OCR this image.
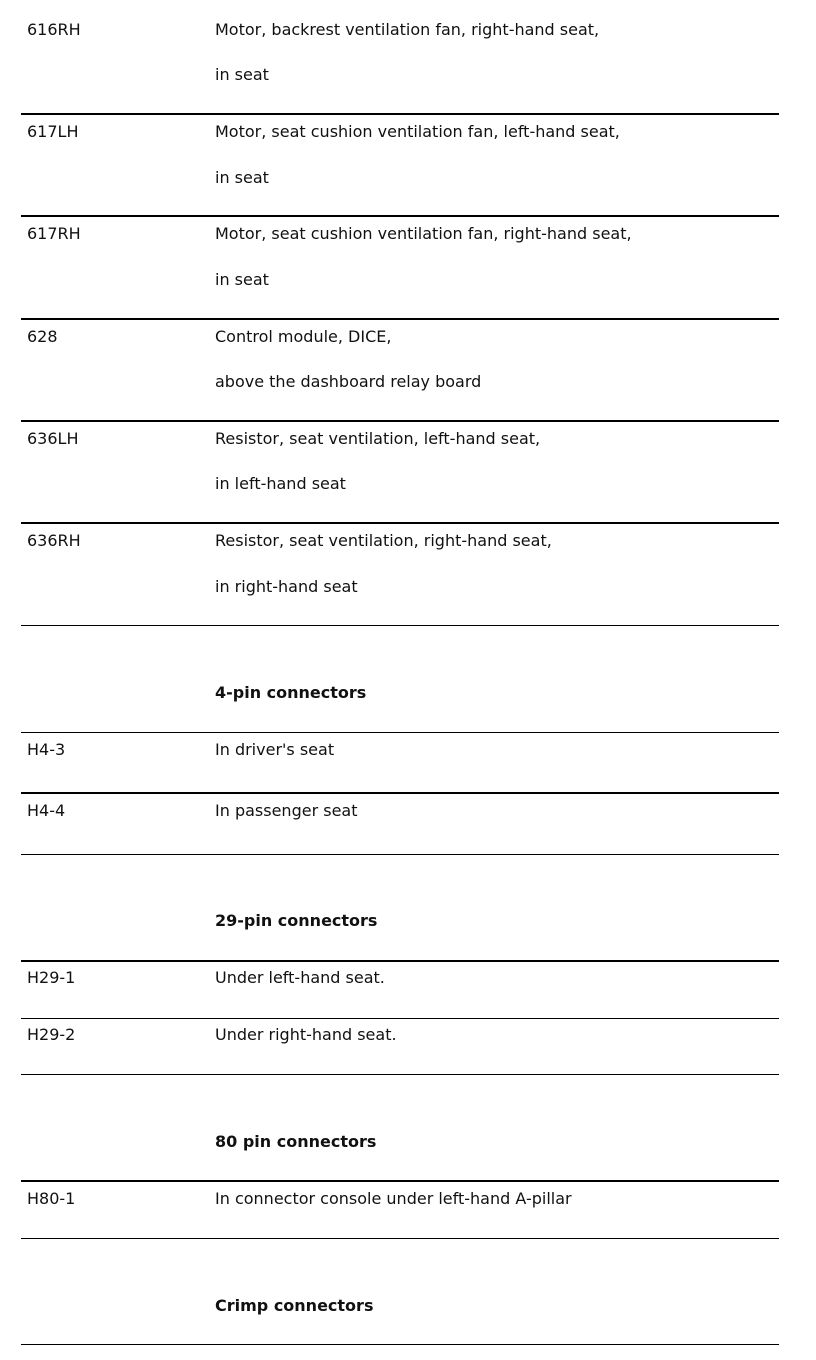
616RH	Motor, backrest ventilation fan, right-hand seat,
in seat
617LH	Motor, seat cushion ventilation fan, left-hand seat,
in seat
617RH	Motor, seat cushion ventilation fan, right-hand seat,
in seat
628	Control module, DICE,
above the dashboard relay board
636LH	Resistor, seat ventilation, left-hand seat,
in left-hand seat
636RH	Resistor, seat ventilation, right-hand seat,
in right-hand seat
4-pin connectors
H4-3	In driver's seat
H4-4	In passenger seat
29-pin connectors
H29-1	Under left-hand seat.
H29-2	Under right-hand seat.
80 pin connectors
H80-1	In connector console under left-hand A-pillar
Crimp connectors
